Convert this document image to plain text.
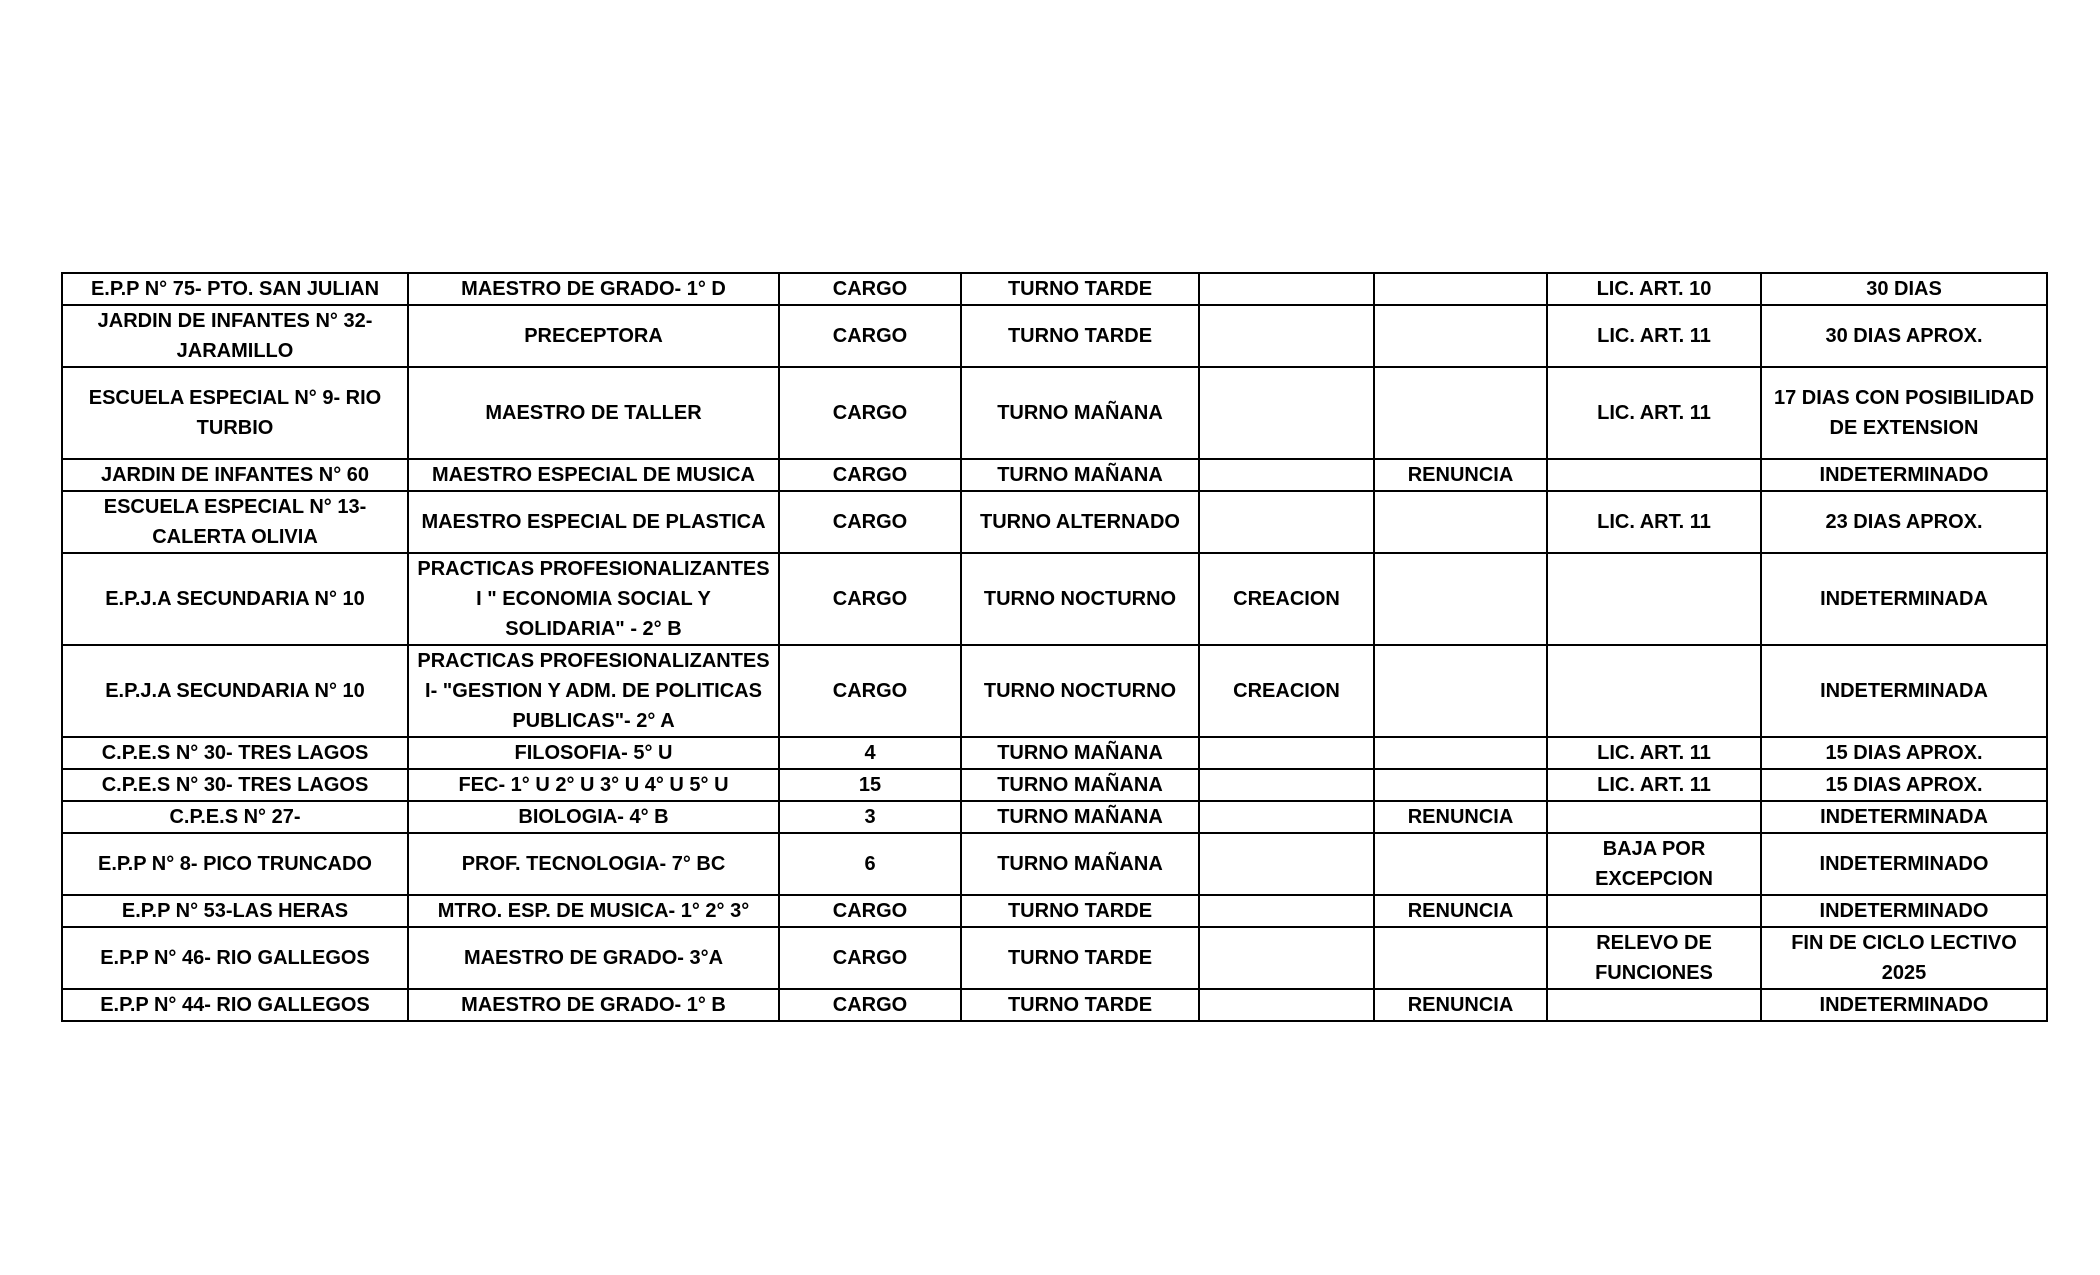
E.P.P N° 75- PTO. SAN JULIAN	MAESTRO DE GRADO- 1° D	CARGO	TURNO TARDE			LIC. ART. 10	30 DIAS
JARDIN DE INFANTES N° 32- JARAMILLO	PRECEPTORA	CARGO	TURNO TARDE			LIC. ART. 11	30 DIAS APROX.
ESCUELA ESPECIAL N° 9- RIO TURBIO	MAESTRO DE TALLER	CARGO	TURNO MAÑANA			LIC. ART. 11	17 DIAS CON POSIBILIDAD DE EXTENSION
JARDIN DE INFANTES N° 60	MAESTRO ESPECIAL DE MUSICA	CARGO	TURNO MAÑANA		RENUNCIA		INDETERMINADO
ESCUELA ESPECIAL N° 13- CALERTA OLIVIA	MAESTRO ESPECIAL DE PLASTICA	CARGO	TURNO ALTERNADO			LIC. ART. 11	23 DIAS APROX.
E.P.J.A SECUNDARIA N° 10	PRACTICAS PROFESIONALIZANTES I " ECONOMIA SOCIAL Y SOLIDARIA" - 2° B	CARGO	TURNO NOCTURNO	CREACION			INDETERMINADA
E.P.J.A SECUNDARIA N° 10	PRACTICAS PROFESIONALIZANTES I- "GESTION Y ADM. DE POLITICAS PUBLICAS"- 2° A	CARGO	TURNO NOCTURNO	CREACION			INDETERMINADA
C.P.E.S N° 30- TRES LAGOS	FILOSOFIA- 5° U	4	TURNO MAÑANA			LIC. ART. 11	15 DIAS APROX.
C.P.E.S N° 30- TRES LAGOS	FEC- 1° U 2° U 3° U 4° U 5° U	15	TURNO MAÑANA			LIC. ART. 11	15 DIAS APROX.
C.P.E.S N° 27-	BIOLOGIA- 4° B	3	TURNO MAÑANA		RENUNCIA		INDETERMINADA
E.P.P N° 8- PICO TRUNCADO	PROF. TECNOLOGIA- 7° BC	6	TURNO MAÑANA			BAJA POR EXCEPCION	INDETERMINADO
E.P.P N° 53-LAS HERAS	MTRO. ESP. DE MUSICA- 1° 2° 3°	CARGO	TURNO TARDE		RENUNCIA		INDETERMINADO
E.P.P N° 46- RIO GALLEGOS	MAESTRO DE GRADO- 3°A	CARGO	TURNO TARDE			RELEVO DE FUNCIONES	FIN DE CICLO LECTIVO 2025
E.P.P N° 44- RIO GALLEGOS	MAESTRO DE GRADO- 1° B	CARGO	TURNO TARDE		RENUNCIA		INDETERMINADO
